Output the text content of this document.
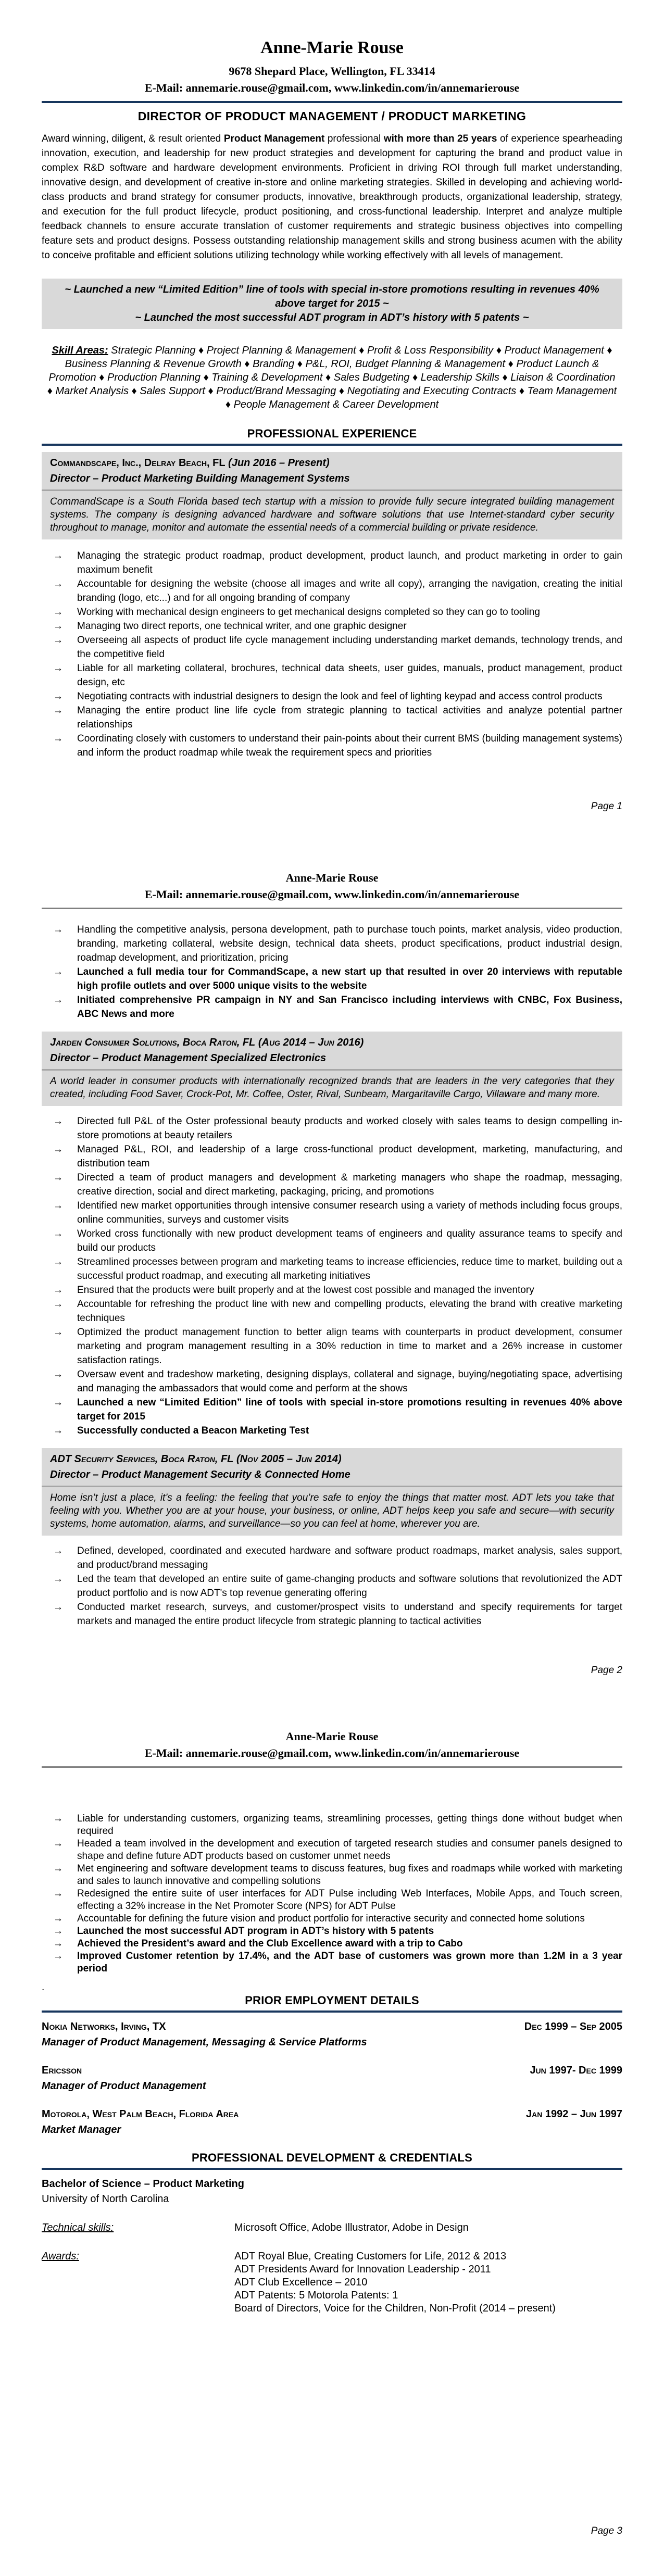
Anne-Marie Rouse
9678 Shepard Place, Wellington, FL 33414
E-Mail: annemarie.rouse@gmail.com, www.linkedin.com/in/annemarierouse
DIRECTOR OF PRODUCT MANAGEMENT / PRODUCT MARKETING

Award winning, diligent, & result oriented Product Management professional with more than 25 years of experience spearheading innovation, execution, and leadership for new product strategies and development for capturing the brand and product value in complex R&D software and hardware development environments. Proficient in driving ROI through full market understanding, innovative design, and development of creative in-store and online marketing strategies. Skilled in developing and achieving world-class products and brand strategy for consumer products, innovative, breakthrough products, organizational leadership, strategy, and execution for the full product lifecycle, product positioning, and cross-functional leadership. Interpret and analyze multiple feedback channels to ensure accurate translation of customer requirements and strategic business objectives into compelling feature sets and product designs. Possess outstanding relationship management skills and strong business acumen with the ability to conceive profitable and efficient solutions utilizing technology while working effectively with all levels of management.

~ Launched a new “Limited Edition” line of tools with special in-store promotions resulting in revenues 40% above target for 2015 ~

~ Launched the most successful ADT program in ADT’s history with 5 patents ~

Skill Areas: Strategic Planning ♦ Project Planning & Management ♦ Profit & Loss Responsibility ♦ Product Management ♦ Business Planning & Revenue Growth ♦ Branding ♦ P&L, ROI, Budget Planning & Management ♦ Product Launch & Promotion ♦ Production Planning ♦ Training & Development ♦ Sales Budgeting ♦ Leadership Skills ♦ Liaison & Coordination ♦ Market Analysis ♦ Sales Support ♦ Product/Brand Messaging ♦ Negotiating and Executing Contracts ♦ Team Management ♦ People Management & Career Development

PROFESSIONAL EXPERIENCE
Commandscape, Inc., Delray Beach, FL (Jun 2016 – Present)
Director – Product Marketing Building Management Systems
CommandScape is a South Florida based tech startup with a mission to provide fully secure integrated building management systems. The company is designing advanced hardware and software solutions that use Internet-standard cyber security throughout to manage, monitor and automate the essential needs of a commercial building or private residence.
→ Managing the strategic product roadmap, product development, product launch, and product marketing in order to gain maximum benefit
→ Accountable for designing the website (choose all images and write all copy), arranging the navigation, creating the initial branding (logo, etc...) and for all ongoing branding of company
→ Working with mechanical design engineers to get mechanical designs completed so they can go to tooling
→ Managing two direct reports, one technical writer, and one graphic designer
→ Overseeing all aspects of product life cycle management including understanding market demands, technology trends, and the competitive field
→ Liable for all marketing collateral, brochures, technical data sheets, user guides, manuals, product management, product design, etc
→ Negotiating contracts with industrial designers to design the look and feel of lighting keypad and access control products
→ Managing the entire product line life cycle from strategic planning to tactical activities and analyze potential partner relationships
→ Coordinating closely with customers to understand their pain-points about their current BMS (building management systems) and inform the product roadmap while tweak the requirement specs and priorities
Page 1
Anne-Marie Rouse
E-Mail: annemarie.rouse@gmail.com, www.linkedin.com/in/annemarierouse
→ Handling the competitive analysis, persona development, path to purchase touch points, market analysis, video production, branding, marketing collateral, website design, technical data sheets, product specifications, product industrial design, roadmap development, and prioritization, pricing
→ Launched a full media tour for CommandScape, a new start up that resulted in over 20 interviews with reputable high profile outlets and over 5000 unique visits to the website
→ Initiated comprehensive PR campaign in NY and San Francisco including interviews with CNBC, Fox Business, ABC News and more
Jarden Consumer Solutions, Boca Raton, FL (Aug 2014 – Jun 2016)
Director – Product Management Specialized Electronics
A world leader in consumer products with internationally recognized brands that are leaders in the very categories that they created, including Food Saver, Crock-Pot, Mr. Coffee, Oster, Rival, Sunbeam, Margaritaville Cargo, Villaware and many more.
→ Directed full P&L of the Oster professional beauty products and worked closely with sales teams to design compelling in-store promotions at beauty retailers
→ Managed P&L, ROI, and leadership of a large cross-functional product development, marketing, manufacturing, and distribution team
→ Directed a team of product managers and development & marketing managers who shape the roadmap, messaging, creative direction, social and direct marketing, packaging, pricing, and promotions
→ Identified new market opportunities through intensive consumer research using a variety of methods including focus groups, online communities, surveys and customer visits
→ Worked cross functionally with new product development teams of engineers and quality assurance teams to specify and build our products
→ Streamlined processes between program and marketing teams to increase efficiencies, reduce time to market, building out a successful product roadmap, and executing all marketing initiatives
→ Ensured that the products were built properly and at the lowest cost possible and managed the inventory
→ Accountable for refreshing the product line with new and compelling products, elevating the brand with creative marketing techniques
→ Optimized the product management function to better align teams with counterparts in product development, consumer marketing and program management resulting in a 30% reduction in time to market and a 26% increase in customer satisfaction ratings.
→ Oversaw event and tradeshow marketing, designing displays, collateral and signage, buying/negotiating space, advertising and managing the ambassadors that would come and perform at the shows
→ Launched a new “Limited Edition” line of tools with special in-store promotions resulting in revenues 40% above target for 2015
→ Successfully conducted a Beacon Marketing Test
ADT Security Services, Boca Raton, FL (Nov 2005 – Jun 2014)
Director – Product Management Security & Connected Home
Home isn’t just a place, it’s a feeling: the feeling that you’re safe to enjoy the things that matter most. ADT lets you take that feeling with you. Whether you are at your house, your business, or online, ADT helps keep you safe and secure—with security systems, home automation, alarms, and surveillance—so you can feel at home, wherever you are.
→ Defined, developed, coordinated and executed hardware and software product roadmaps, market analysis, sales support, and product/brand messaging
→ Led the team that developed an entire suite of game-changing products and software solutions that revolutionized the ADT product portfolio and is now ADT's top revenue generating offering
→ Conducted market research, surveys, and customer/prospect visits to understand and specify requirements for target markets and managed the entire product lifecycle from strategic planning to tactical activities
Page 2
Anne-Marie Rouse
E-Mail: annemarie.rouse@gmail.com, www.linkedin.com/in/annemarierouse
→ Liable for understanding customers, organizing teams, streamlining processes, getting things done without budget when required
→ Headed a team involved in the development and execution of targeted research studies and consumer panels designed to shape and define future ADT products based on customer unmet needs
→ Met engineering and software development teams to discuss features, bug fixes and roadmaps while worked with marketing and sales to launch innovative and compelling solutions
→ Redesigned the entire suite of user interfaces for ADT Pulse including Web Interfaces, Mobile Apps, and Touch screen, effecting a 32% increase in the Net Promoter Score (NPS) for ADT Pulse
→ Accountable for defining the future vision and product portfolio for interactive security and connected home solutions
→ Launched the most successful ADT program in ADT’s history with 5 patents
→ Achieved the President’s award and the Club Excellence award with a trip to Cabo
→ Improved Customer retention by 17.4%, and the ADT base of customers was grown more than 1.2M in a 3 year period
.
PRIOR EMPLOYMENT DETAILS
Nokia Networks, Irving, TX	Dec 1999 – Sep 2005
Manager of Product Management, Messaging & Service Platforms
Ericsson	Jun 1997- Dec 1999
Manager of Product Management
Motorola, West Palm Beach, Florida Area	Jan 1992 – Jun 1997
Market Manager
PROFESSIONAL DEVELOPMENT & CREDENTIALS
Bachelor of Science – Product Marketing
University of North Carolina
Technical skills:	Microsoft Office, Adobe Illustrator, Adobe in Design
Awards:	ADT Royal Blue, Creating Customers for Life, 2012 & 2013

ADT Presidents Award for Innovation Leadership - 2011

ADT Club Excellence – 2010

ADT Patents: 5 Motorola Patents: 1

Board of Directors, Voice for the Children, Non-Profit (2014 – present)

Page 3
